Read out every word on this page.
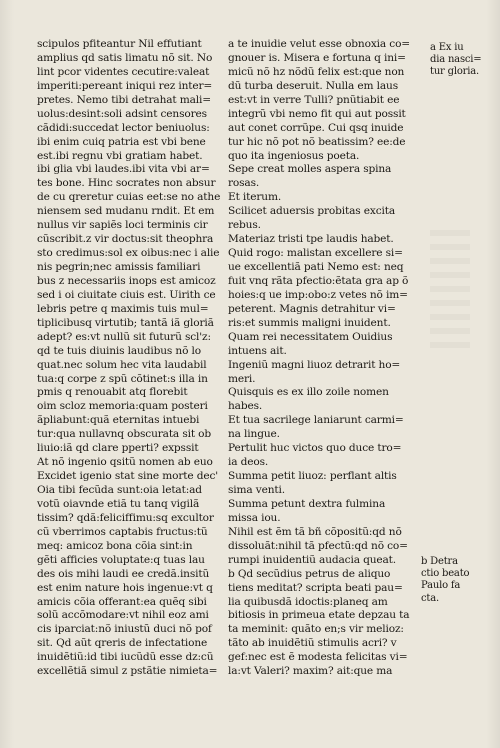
scipulos pfiteantur Nil effutiant
amplius qd satis limatu nõ sit. No
lint pcor videntes cecutire:valeat
imperiti:pereant iniqui rez inter=
pretes. Nemo tibi detrahat mali=
uolus:desint:soli adsint censores
cãdidi:succedat lector beniuolus:
ibi enim cuiq patria est vbi bene
est.ibi regnu vbi gratiam habet.
ibi glia vbi laudes.ibi vita vbi ar=
tes bone. Hinc socrates non absur
de cu qreretur cuias eet:se no athe
niensem sed mudanu rndit. Et em
nullus vir sapiẽs loci terminis cir
cũscribit.z vir doctus:sit theophra
sto credimus:sol ex oibus:nec i alie
nis pegrin;nec amissis familiari
bus z necessariis inops est amicoz
sed i oi ciuitate ciuis est. Uirith ce
lebris petre q maximis tuis mul=
tiplicibusq virtutib; tantã iã gloriã
adept? es:vt nullũ sit futurũ scl'z:
qd te tuis diuinis laudibus nõ lo
quat.nec solum hec vita laudabil
tua:q corpe z spũ cõtinet:s illa in
pmis q renouabit atq florebit
oim scloz memoria:quam posteri
ãpliabunt:quã eternitas intuebi
tur:qua nullavnq obscurata sit ob
liuio:iã qd clare pperti? expssit
At nõ ingenio qsitũ nomen ab euo
Excidet igenio stat sine morte dec'
Oia tibi fecũda sunt:oia letat:ad
votũ oiavnde etiã tu tanq vigilã
tissim? qdã:feliciffimu:sq excultor
cũ vberrimos captabis fructus:tũ
meq: amicoz bona cõia sint:in
gẽti afficies voluptate:q tuas lau
des ois mihi laudi ee credã.insitũ
est enim nature hois ingenue:vt q
amicis cõia offerant:ea quẽq sibi
solũ accõmodare:vt nihil eoz ami
cis iparciat:nõ iniustũ duci nõ pof
sit. Qd aũt qreris de infectatione
inuidẽtiũ:id tibi iucũdũ esse dz:cũ
excellẽtiã simul z pstãtie nimieta=
a te inuidie velut esse obnoxia co=
gnouer is. Misera e fortuna q ini=
micũ nõ hz nõdũ felix est:que non
dũ turba deseruit. Nulla em laus
est:vt in verre Tulli? pnũtiabit ee
integrũ vbi nemo fit qui aut possit
aut conet corrũpe. Cui qsq inuide
tur hic nõ pot nõ beatissim? ee:de
quo ita ingeniosus poeta.
Sepe creat molles aspera spina
rosas.
Et iterum.
Scilicet aduersis probitas excita
rebus.
Materiaz tristi tpe laudis habet.
Quid rogo: malistan excellere si=
ue excellentiã pati Nemo est: neq
fuit vnq rãta pfectio:ẽtata gra ap õ
hoies:q ue imp:obo:z vetes nõ im=
peterent. Magnis detrahitur vi=
ris:et summis maligni inuident.
Quam rei necessitatem Ouidius
intuens ait.
Ingeniũ magni liuoz detrarit ho=
meri.
Quisquis es ex illo zoile nomen
habes.
Et tua sacrilege laniarunt carmi=
na lingue.
Pertulit huc victos quo duce tro=
ia deos.
Summa petit liuoz: perflant altis
sima venti.
Summa petunt dextra fulmina
missa iou.
Nihil est ẽm tã bñ cõpositũ:qd nõ
dissoluãt:nihil tã pfectũ:qd nõ co=
rumpi inuidentiũ audacia queat.
b Qd secũdius petrus de aliquo
tiens meditat? scripta beati pau=
lia quibusdã idoctis:planeq am
bitiosis in primeua etate depzau ta
ta meminit: quãto en;s vir melioz:
tãto ab inuidẽtiũ stimulis acri? v
gef:nec est ẽ modesta felicitas vi=
la:vt Valeri? maxim? ait:que ma
a Ex iu
dia nasci=
tur gloria.
b Detra
ctio beato
Paulo fa
cta.
